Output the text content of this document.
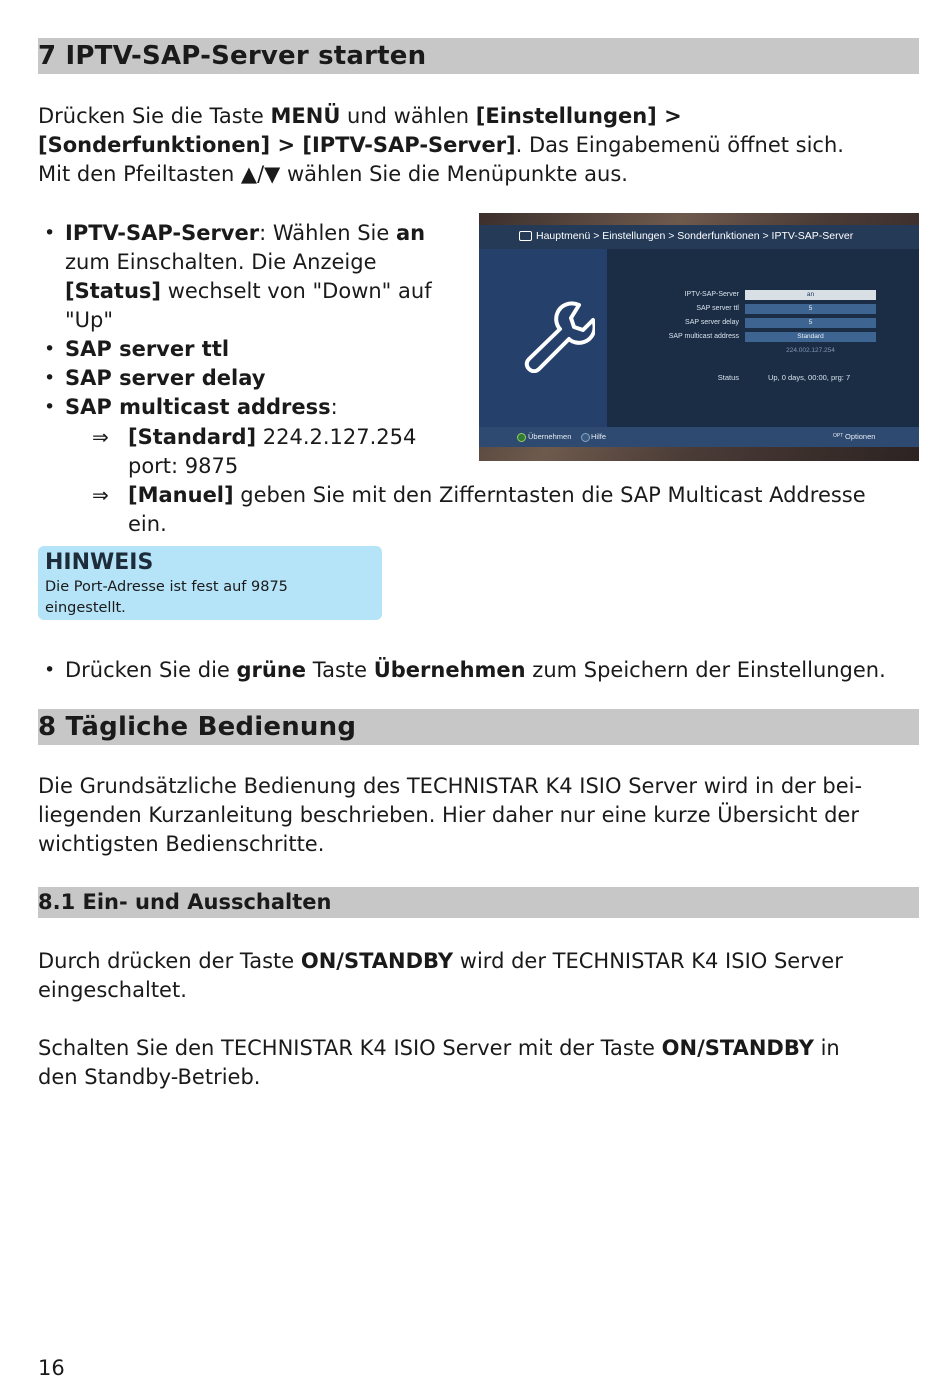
7 IPTV-SAP-Server starten

Drücken Sie die Taste MENÜ und wählen [Einstellungen] >
[Sonderfunktionen] > [IPTV-SAP-Server]. Das Eingabemenü öffnet sich.
Mit den Pfeiltasten ▲/▼ wählen Sie die Menüpunkte aus.

• IPTV-SAP-Server: Wählen Sie an
zum Einschalten. Die Anzeige
[Status] wechselt von "Down" auf
"Up"
• SAP server ttl
• SAP server delay
• SAP multicast address:
⇒ [Standard] 224.2.127.254
port: 9875
⇒ [Manuel] geben Sie mit den Zifferntasten die SAP Multicast Addresse
ein.
HINWEIS
Die Port-Adresse ist fest auf 9875 eingestellt.
• Drücken Sie die grüne Taste Übernehmen zum Speichern der Einstellungen.
8 Tägliche Bedienung

Die Grundsätzliche Bedienung des TECHNISTAR K4 ISIO Server wird in der bei-
liegenden Kurzanleitung beschrieben. Hier daher nur eine kurze Übersicht der
wichtigsten Bedienschritte.

8.1 Ein- und Ausschalten

Durch drücken der Taste ON/STANDBY wird der TECHNISTAR K4 ISIO Server
eingeschaltet.

Schalten Sie den TECHNISTAR K4 ISIO Server mit der Taste ON/STANDBY in
den Standby-Betrieb.

16
Hauptmenü > Einstellungen > Sonderfunktionen > IPTV-SAP-Server
IPTV-SAP-Server	an
SAP server ttl	5
SAP server delay	5
SAP multicast address	Standard
224.002.127.254
Status	Up, 0 days, 00:00, prg: 7
Übernehmen	Hilfe	OPT Optionen
